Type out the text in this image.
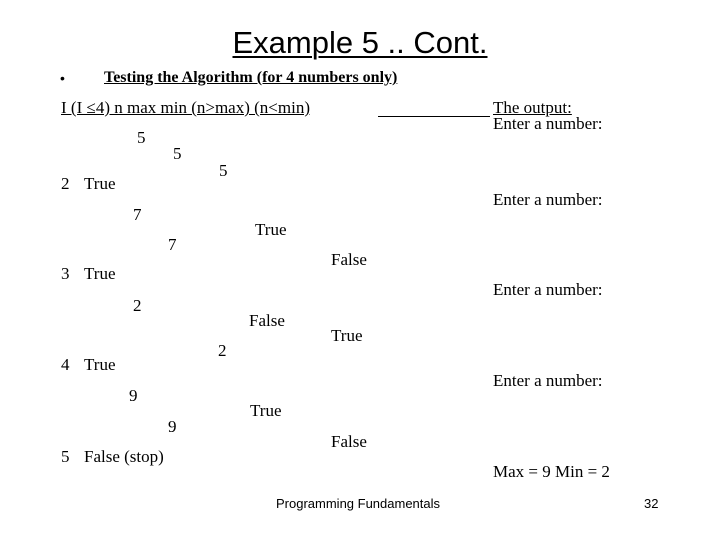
Example 5 .. Cont.
• Testing the Algorithm (for 4 numbers only)
I (I ≤4) n max min (n>max) (n<min)	The output:
Enter a number:
5
5
5
2 True
Enter a number:
7
True
7
False
3 True
Enter a number:
2
False
True
2
4 True
Enter a number:
9
True
9
False
5 False (stop)
Max = 9 Min = 2
Programming Fundamentals	32
